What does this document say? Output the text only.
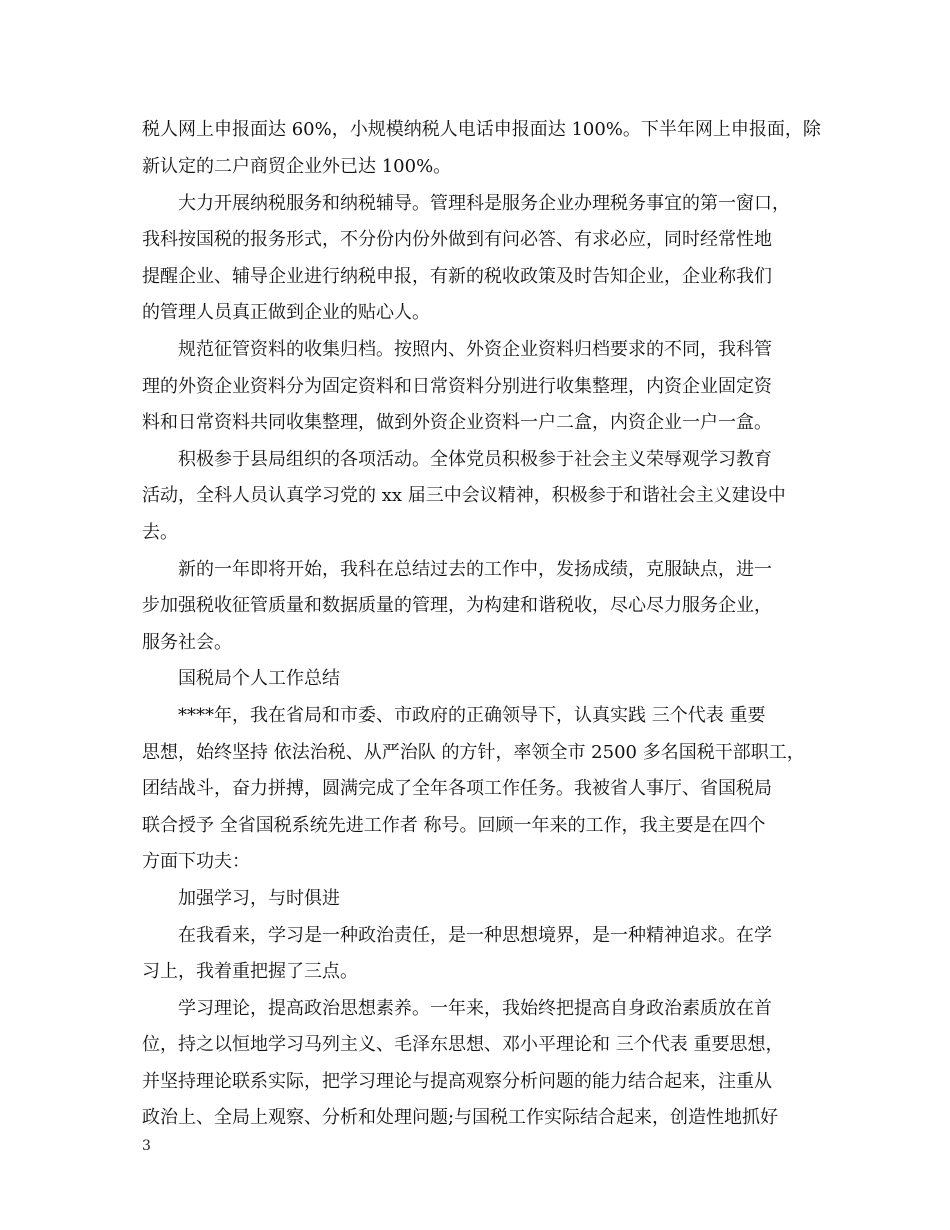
税人网上申报面达 60%，小规模纳税人电话申报面达 100%。下半年网上申报面，除
新认定的二户商贸企业外已达 100%。
大力开展纳税服务和纳税辅导。管理科是服务企业办理税务事宜的第一窗口，
我科按国税的报务形式，不分份内份外做到有问必答、有求必应，同时经常性地
提醒企业、辅导企业进行纳税申报，有新的税收政策及时告知企业，企业称我们
的管理人员真正做到企业的贴心人。
规范征管资料的收集归档。按照内、外资企业资料归档要求的不同，我科管
理的外资企业资料分为固定资料和日常资料分别进行收集整理，内资企业固定资
料和日常资料共同收集整理，做到外资企业资料一户二盒，内资企业一户一盒。
积极参于县局组织的各项活动。全体党员积极参于社会主义荣辱观学习教育
活动，全科人员认真学习党的 xx 届三中会议精神，积极参于和谐社会主义建设中
去。
新的一年即将开始，我科在总结过去的工作中，发扬成绩，克服缺点，进一
步加强税收征管质量和数据质量的管理，为构建和谐税收，尽心尽力服务企业，
服务社会。
国税局个人工作总结
****年，我在省局和市委、市政府的正确领导下，认真实践 三个代表 重要
思想，始终坚持 依法治税、从严治队 的方针，率领全市 2500 多名国税干部职工，
团结战斗，奋力拼搏，圆满完成了全年各项工作任务。我被省人事厅、省国税局
联合授予 全省国税系统先进工作者 称号。回顾一年来的工作，我主要是在四个
方面下功夫：
加强学习，与时俱进
在我看来，学习是一种政治责任，是一种思想境界，是一种精神追求。在学
习上，我着重把握了三点。
学习理论，提高政治思想素养。一年来，我始终把提高自身政治素质放在首
位，持之以恒地学习马列主义、毛泽东思想、邓小平理论和 三个代表 重要思想，
并坚持理论联系实际，把学习理论与提高观察分析问题的能力结合起来，注重从
政治上、全局上观察、分析和处理问题;与国税工作实际结合起来，创造性地抓好
3
